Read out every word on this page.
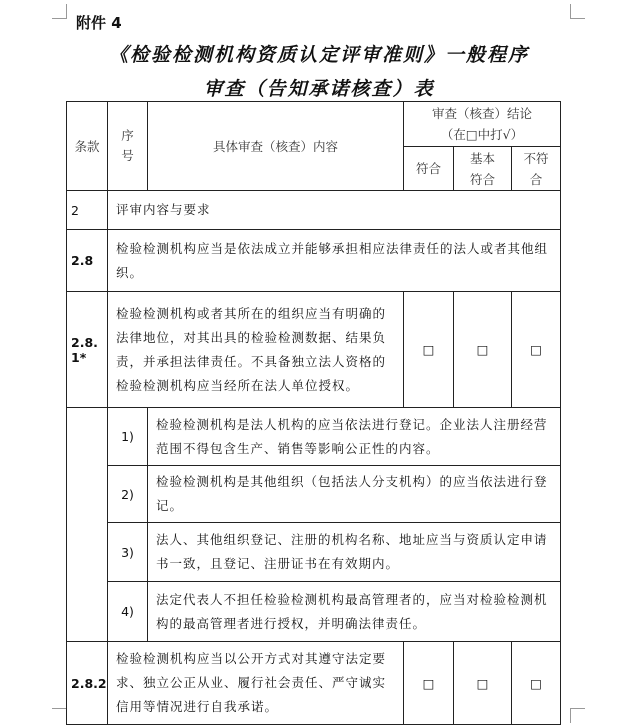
附件 4
《检验检测机构资质认定评审准则》一般程序
审查（告知承诺核查）表
条款	序号	具体审查（核查）内容	审查（核查）结论
（在□中打√）		

			符合	基本符合	不符合
2	评审内容与要求				
2.8	检验检测机构应当是依法成立并能够承担相应法律责任的法人或者其他组织。				
2.8.1*	检验检测机构或者其所在的组织应当有明确的法律地位，对其出具的检验检测数据、结果负责，并承担法律责任。不具备独立法人资格的检验检测机构应当经所在法人单位授权。		□	□	□
	1)	检验检测机构是法人机构的应当依法进行登记。企业法人注册经营范围不得包含生产、销售等影响公正性的内容。			
	2)	检验检测机构是其他组织（包括法人分支机构）的应当依法进行登记。			
	3)	法人、其他组织登记、注册的机构名称、地址应当与资质认定申请书一致，且登记、注册证书在有效期内。			
	4)	法定代表人不担任检验检测机构最高管理者的，应当对检验检测机构的最高管理者进行授权，并明确法律责任。			
2.8.2	检验检测机构应当以公开方式对其遵守法定要求、独立公正从业、履行社会责任、严守诚实信用等情况进行自我承诺。		□	□	□
